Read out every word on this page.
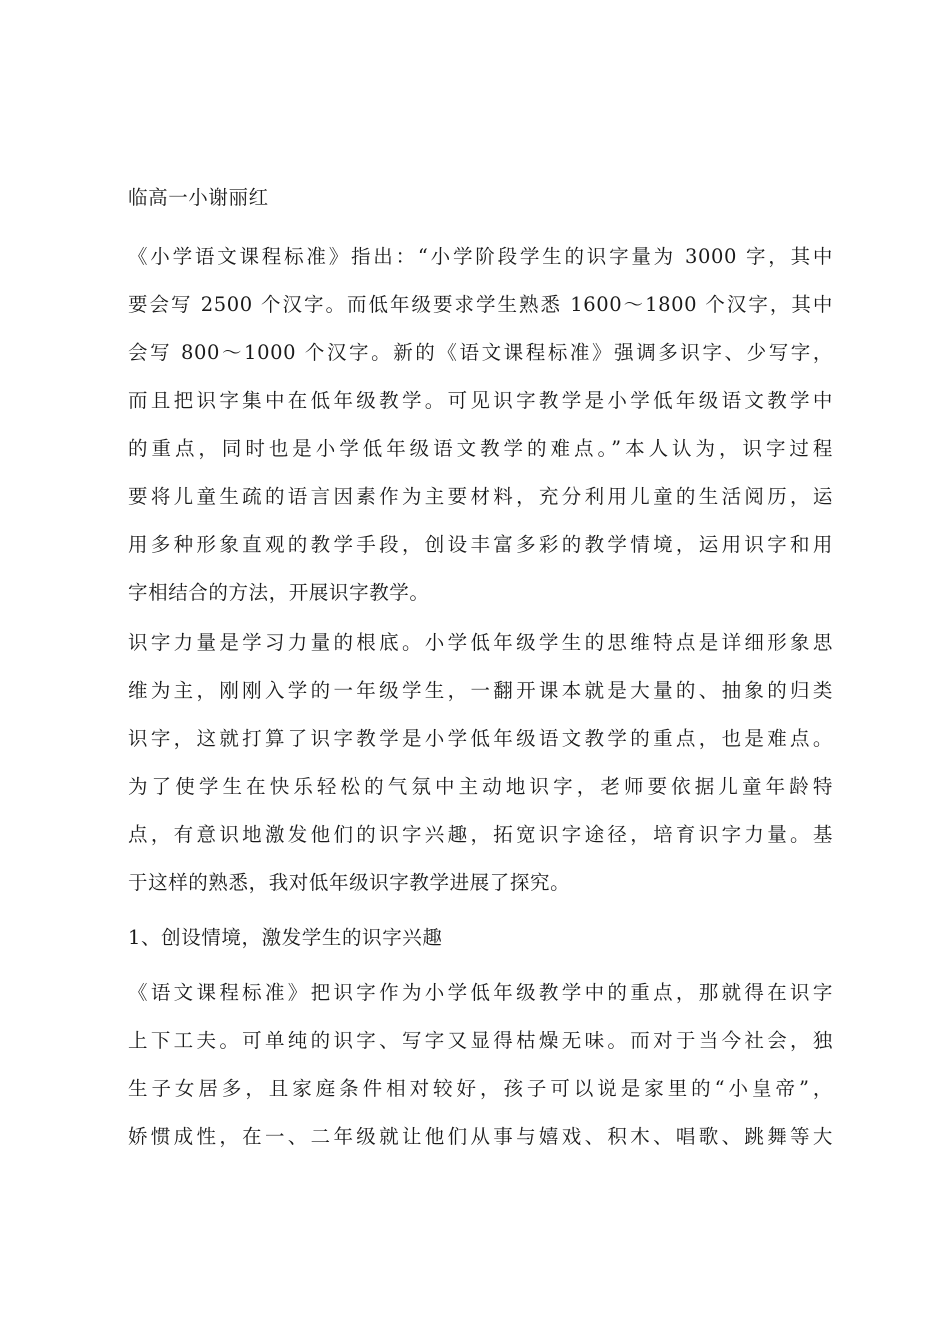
临高一小谢丽红
《小学语文课程标准》指出：“小学阶段学生的识字量为 3000 字，其中
要会写 2500 个汉字。而低年级要求学生熟悉 1600～1800 个汉字，其中
会写 800～1000 个汉字。新的《语文课程标准》强调多识字、少写字，
而且把识字集中在低年级教学。可见识字教学是小学低年级语文教学中
的重点，同时也是小学低年级语文教学的难点。”本人认为，识字过程
要将儿童生疏的语言因素作为主要材料，充分利用儿童的生活阅历，运
用多种形象直观的教学手段，创设丰富多彩的教学情境，运用识字和用
字相结合的方法，开展识字教学。
识字力量是学习力量的根底。小学低年级学生的思维特点是详细形象思
维为主，刚刚入学的一年级学生，一翻开课本就是大量的、抽象的归类
识字，这就打算了识字教学是小学低年级语文教学的重点，也是难点。
为了使学生在快乐轻松的气氛中主动地识字，老师要依据儿童年龄特
点，有意识地激发他们的识字兴趣，拓宽识字途径，培育识字力量。基
于这样的熟悉，我对低年级识字教学进展了探究。
1、创设情境，激发学生的识字兴趣
《语文课程标准》把识字作为小学低年级教学中的重点，那就得在识字
上下工夫。可单纯的识字、写字又显得枯燥无味。而对于当今社会，独
生子女居多，且家庭条件相对较好，孩子可以说是家里的“小皇帝”，
娇惯成性，在一、二年级就让他们从事与嬉戏、积木、唱歌、跳舞等大
